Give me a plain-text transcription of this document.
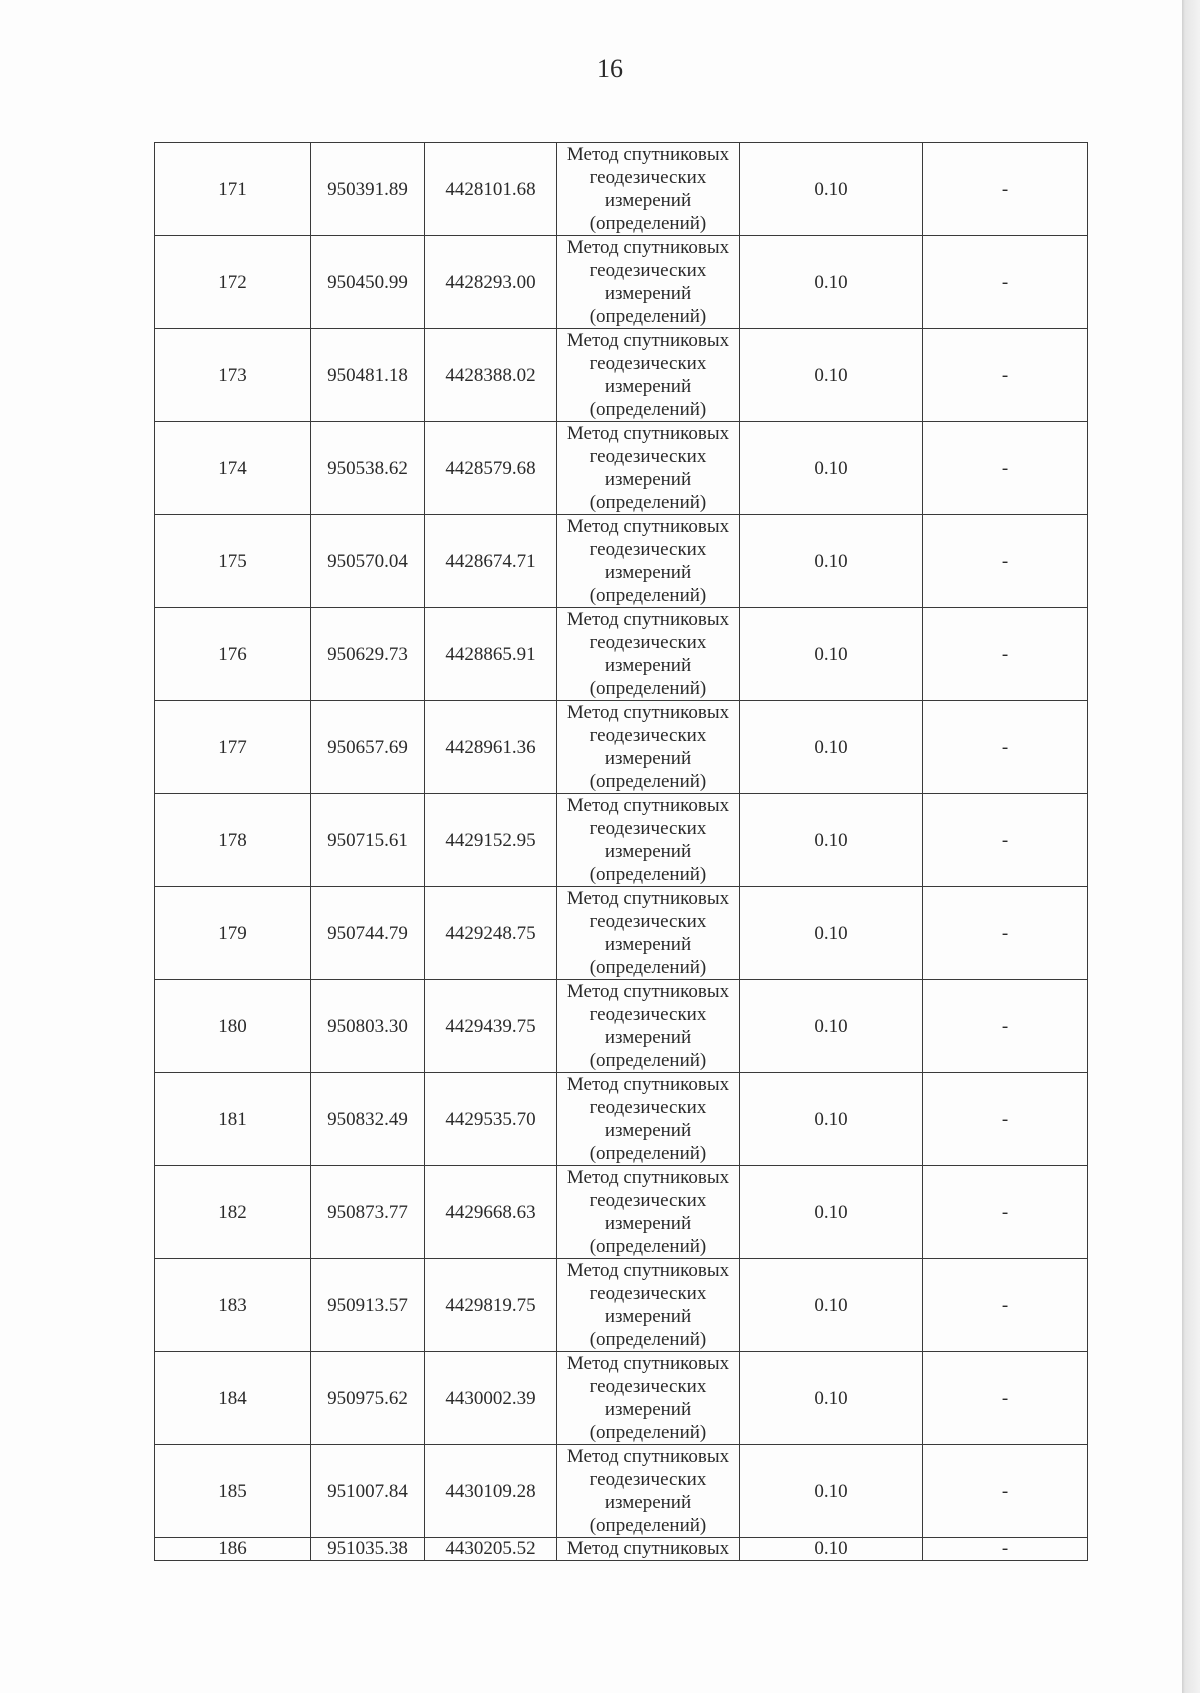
16
171	950391.89	4428101.68	Метод спутниковых геодезических измерений (определений)	0.10	-
172	950450.99	4428293.00	Метод спутниковых геодезических измерений (определений)	0.10	-
173	950481.18	4428388.02	Метод спутниковых геодезических измерений (определений)	0.10	-
174	950538.62	4428579.68	Метод спутниковых геодезических измерений (определений)	0.10	-
175	950570.04	4428674.71	Метод спутниковых геодезических измерений (определений)	0.10	-
176	950629.73	4428865.91	Метод спутниковых геодезических измерений (определений)	0.10	-
177	950657.69	4428961.36	Метод спутниковых геодезических измерений (определений)	0.10	-
178	950715.61	4429152.95	Метод спутниковых геодезических измерений (определений)	0.10	-
179	950744.79	4429248.75	Метод спутниковых геодезических измерений (определений)	0.10	-
180	950803.30	4429439.75	Метод спутниковых геодезических измерений (определений)	0.10	-
181	950832.49	4429535.70	Метод спутниковых геодезических измерений (определений)	0.10	-
182	950873.77	4429668.63	Метод спутниковых геодезических измерений (определений)	0.10	-
183	950913.57	4429819.75	Метод спутниковых геодезических измерений (определений)	0.10	-
184	950975.62	4430002.39	Метод спутниковых геодезических измерений (определений)	0.10	-
185	951007.84	4430109.28	Метод спутниковых геодезических измерений (определений)	0.10	-
186	951035.38	4430205.52	Метод спутниковых	0.10	-
